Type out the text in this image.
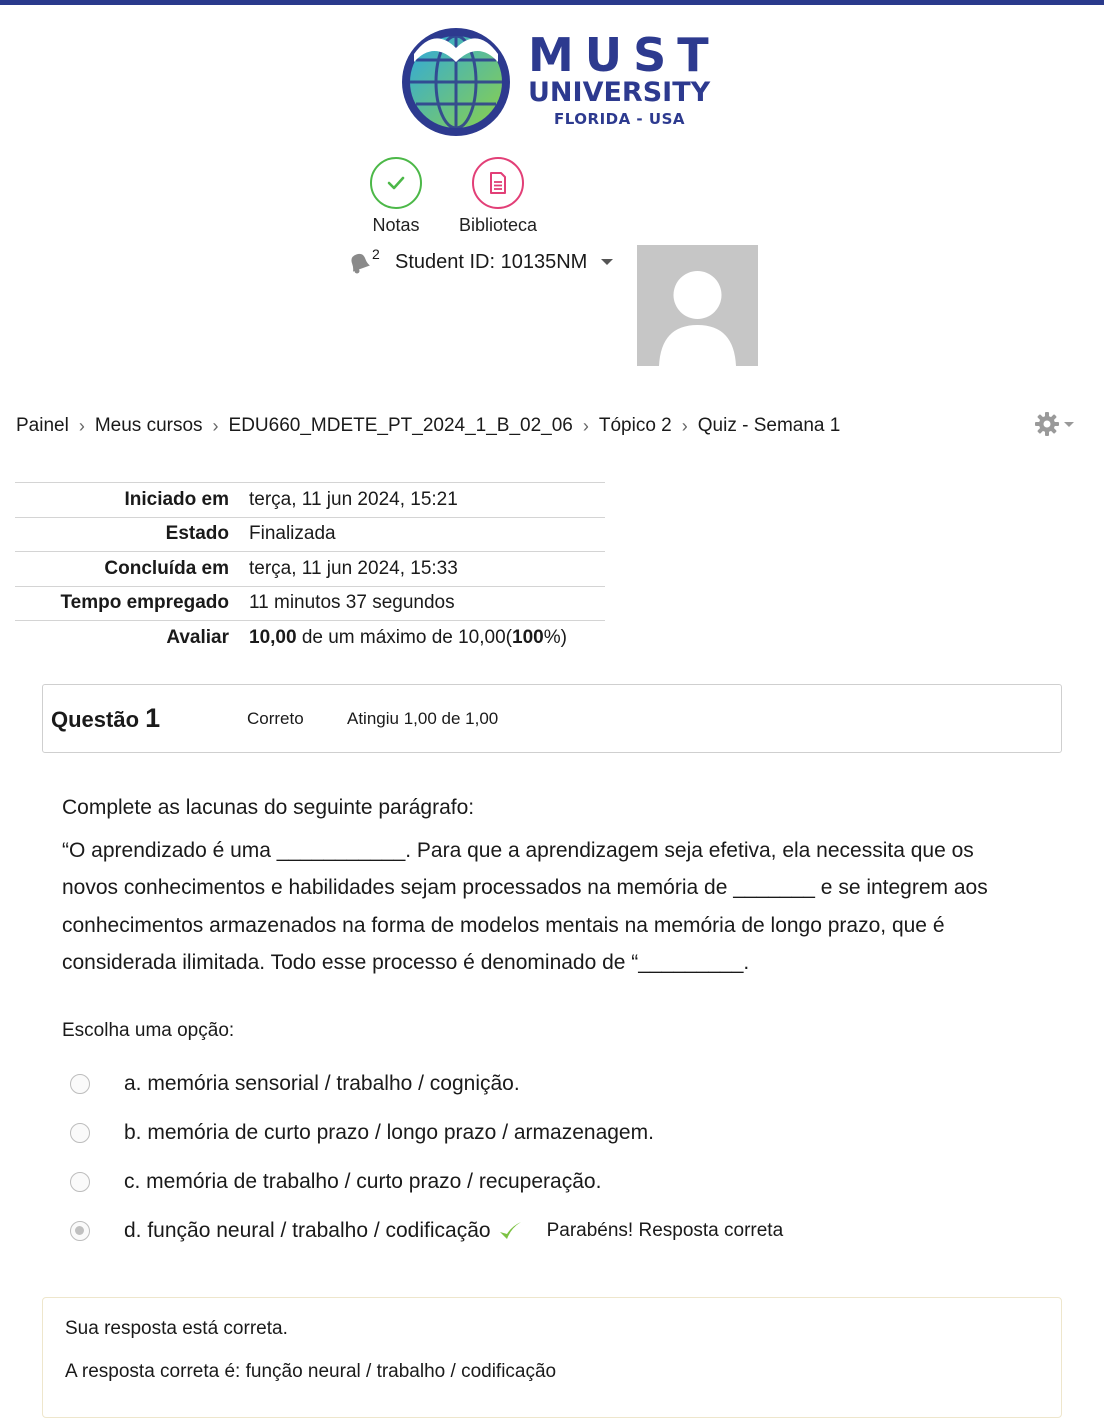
MUST
UNIVERSITY
FLORIDA - USA
Notas	Biblioteca
2 Student ID: 10135NM
Painel › Meus cursos › EDU660_MDETE_PT_2024_1_B_02_06 › Tópico 2 › Quiz - Semana 1
Iniciado em	terça, 11 jun 2024, 15:21
Estado	Finalizada
Concluída em	terça, 11 jun 2024, 15:33
Tempo empregado	11 minutos 37 segundos
Avaliar	10,00 de um máximo de 10,00(100%)
Questão 1	Correto	Atingiu 1,00 de 1,00

Complete as lacunas do seguinte parágrafo:

“O aprendizado é uma ___________. Para que a aprendizagem seja efetiva, ela necessita que os novos conhecimentos e habilidades sejam processados na memória de _______ e se integrem aos conhecimentos armazenados na forma de modelos mentais na memória de longo prazo, que é considerada ilimitada. Todo esse processo é denominado de “_________.

Escolha uma opção:
a. memória sensorial / trabalho / cognição.
b. memória de curto prazo / longo prazo / armazenagem.
c. memória de trabalho / curto prazo / recuperação.
d. função neural / trabalho / codificação	Parabéns! Resposta correta

Sua resposta está correta.

A resposta correta é: função neural / trabalho / codificação
